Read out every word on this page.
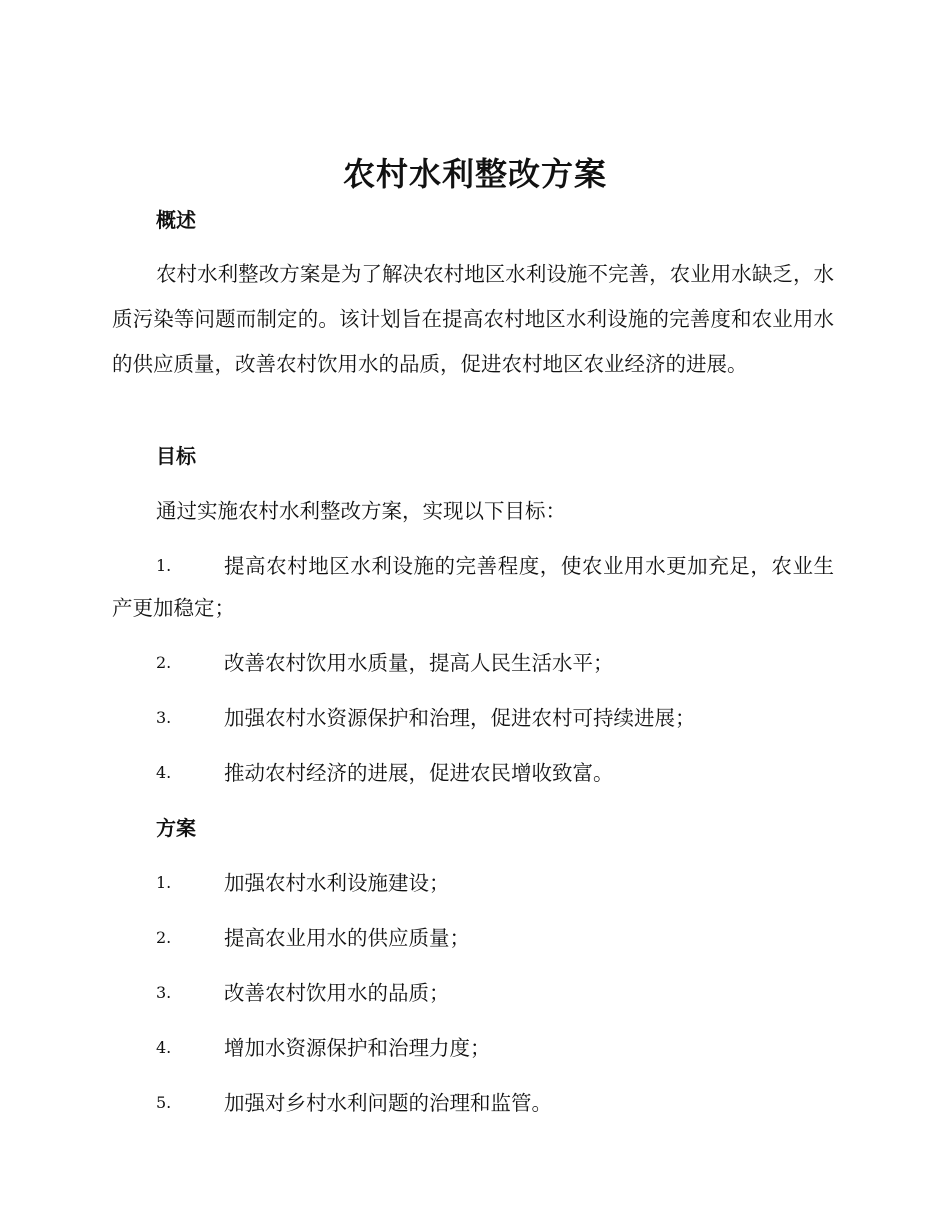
农村水利整改方案
概述

农村水利整改方案是为了解决农村地区水利设施不完善，农业用水缺乏，水质污染等问题而制定的。该计划旨在提高农村地区水利设施的完善度和农业用水的供应质量，改善农村饮用水的品质，促进农村地区农业经济的进展。

目标
通过实施农村水利整改方案，实现以下目标：
1.	提高农村地区水利设施的完善程度，使农业用水更加充足，农业生产更加稳定；
2.	改善农村饮用水质量，提高人民生活水平；
3.	加强农村水资源保护和治理，促进农村可持续进展；
4.	推动农村经济的进展，促进农民增收致富。
方案
1.	加强农村水利设施建设；
2.	提高农业用水的供应质量；
3.	改善农村饮用水的品质；
4.	增加水资源保护和治理力度；
5.	加强对乡村水利问题的治理和监管。
